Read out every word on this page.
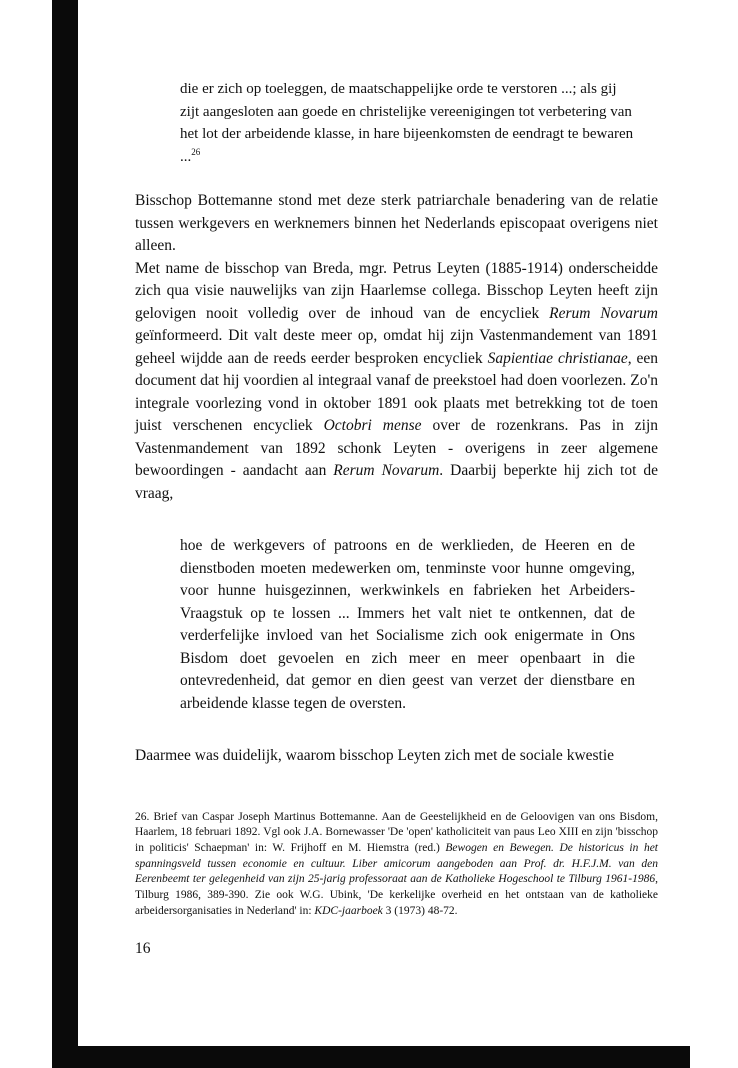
die er zich op toeleggen, de maatschappelijke orde te verstoren ...; als gij zijt aangesloten aan goede en christelijke vereenigingen tot verbetering van het lot der arbeidende klasse, in hare bijeenkomsten de eendragt te bewaren ...$^{26}$

Bisschop Bottemanne stond met deze sterk patriarchale benadering van de relatie tussen werkgevers en werknemers binnen het Nederlands episcopaat overigens niet alleen.

Met name de bisschop van Breda, mgr. Petrus Leyten (1885-1914) onderscheidde zich qua visie nauwelijks van zijn Haarlemse collega. Bisschop Leyten heeft zijn gelovigen nooit volledig over de inhoud van de encycliek Rerum Novarum geïnformeerd. Dit valt deste meer op, omdat hij zijn Vastenmandement van 1891 geheel wijdde aan de reeds eerder besproken encycliek Sapientiae christianae, een document dat hij voordien al integraal vanaf de preekstoel had doen voorlezen. Zo'n integrale voorlezing vond in oktober 1891 ook plaats met betrekking tot de toen juist verschenen encycliek Octobri mense over de rozenkrans. Pas in zijn Vastenmandement van 1892 schonk Leyten - overigens in zeer algemene bewoordingen - aandacht aan Rerum Novarum. Daarbij beperkte hij zich tot de vraag,

hoe de werkgevers of patroons en de werklieden, de Heeren en de dienstboden moeten medewerken om, tenminste voor hunne omgeving, voor hunne huisgezinnen, werkwinkels en fabrieken het Arbeiders-Vraagstuk op te lossen ... Immers het valt niet te ontkennen, dat de verderfelijke invloed van het Socialisme zich ook enigermate in Ons Bisdom doet gevoelen en zich meer en meer openbaart in die ontevredenheid, dat gemor en dien geest van verzet der dienstbare en arbeidende klasse tegen de oversten.

Daarmee was duidelijk, waarom bisschop Leyten zich met de sociale kwestie

26. Brief van Caspar Joseph Martinus Bottemanne. Aan de Geestelijkheid en de Geloovigen van ons Bisdom, Haarlem, 18 februari 1892. Vgl ook J.A. Bornewasser 'De 'open' katholiciteit van paus Leo XIII en zijn 'bisschop in politicis' Schaepman' in: W. Frijhoff en M. Hiemstra (red.) Bewogen en Bewegen. De historicus in het spanningsveld tussen economie en cultuur. Liber amicorum aangeboden aan Prof. dr. H.F.J.M. van den Eerenbeemt ter gelegenheid van zijn 25-jarig professoraat aan de Katholieke Hogeschool te Tilburg 1961-1986, Tilburg 1986, 389-390. Zie ook W.G. Ubink, 'De kerkelijke overheid en het ontstaan van de katholieke arbeidersorganisaties in Nederland' in: KDC-jaarboek 3 (1973) 48-72.
16
